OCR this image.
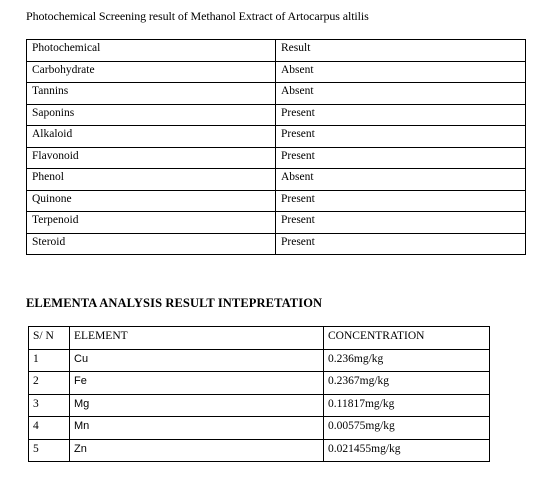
Photochemical Screening result of Methanol Extract of Artocarpus altilis
Photochemical	Result
Carbohydrate	Absent
Tannins	Absent
Saponins	Present
Alkaloid	Present
Flavonoid	Present
Phenol	Absent
Quinone	Present
Terpenoid	Present
Steroid	Present
ELEMENTA ANALYSIS RESULT INTEPRETATION
S/ N	ELEMENT	CONCENTRATION
1	Cu	0.236mg/kg
2	Fe	0.2367mg/kg
3	Mg	0.11817mg/kg
4	Mn	0.00575mg/kg
5	Zn	0.021455mg/kg
